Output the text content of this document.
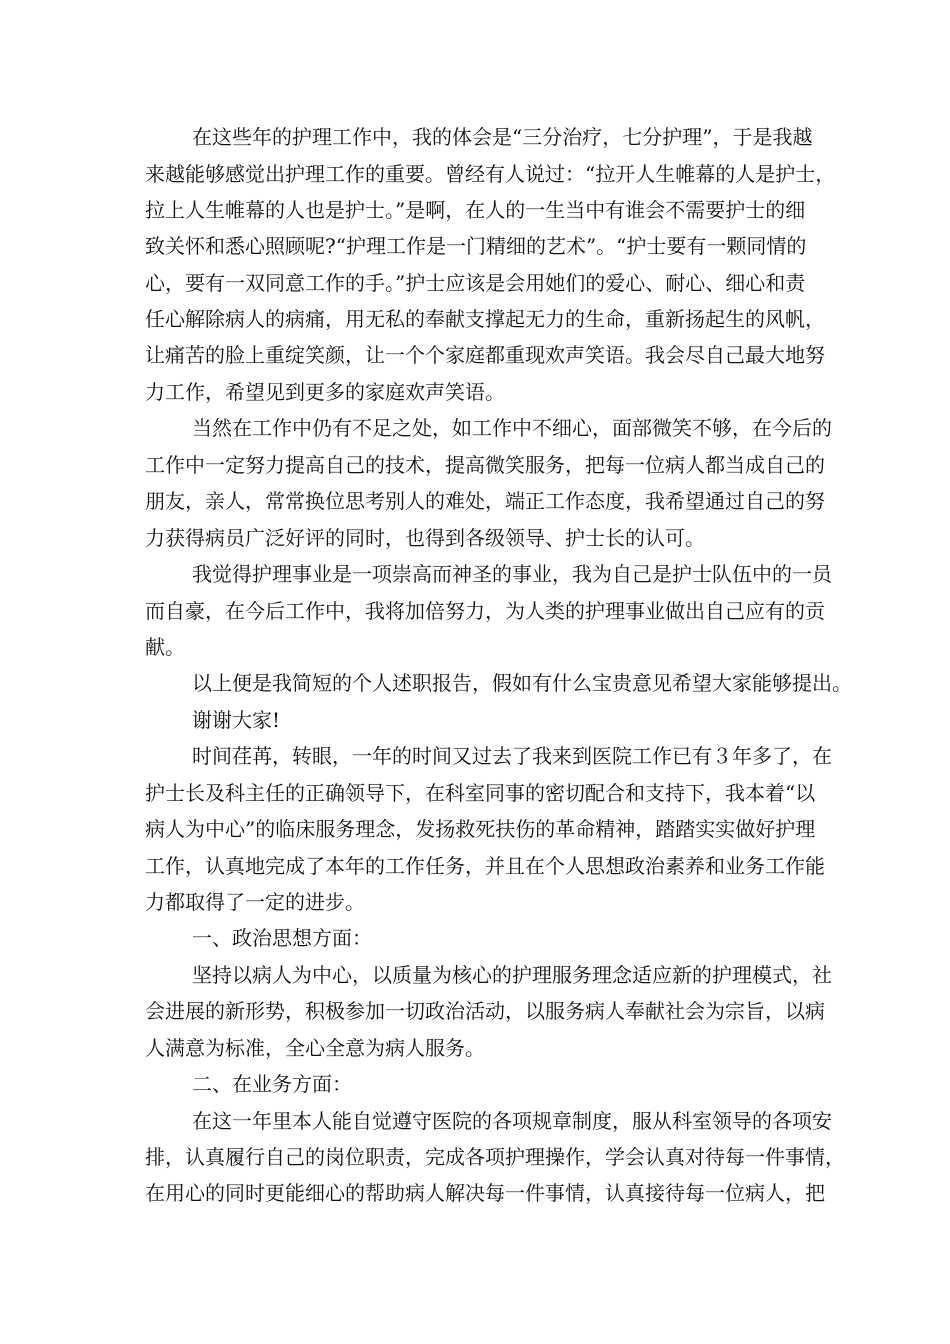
在这些年的护理工作中，我的体会是“三分治疗，七分护理”，于是我越
来越能够感觉出护理工作的重要。曾经有人说过：“拉开人生帷幕的人是护士，
拉上人生帷幕的人也是护士。”是啊，在人的一生当中有谁会不需要护士的细
致关怀和悉心照顾呢?“护理工作是一门精细的艺术”。“护士要有一颗同情的
心，要有一双同意工作的手。”护士应该是会用她们的爱心、耐心、细心和责
任心解除病人的病痛，用无私的奉献支撑起无力的生命，重新扬起生的风帆，
让痛苦的脸上重绽笑颜，让一个个家庭都重现欢声笑语。我会尽自己最大地努
力工作，希望见到更多的家庭欢声笑语。
当然在工作中仍有不足之处，如工作中不细心，面部微笑不够，在今后的
工作中一定努力提高自己的技术，提高微笑服务，把每一位病人都当成自己的
朋友，亲人，常常换位思考别人的难处，端正工作态度，我希望通过自己的努
力获得病员广泛好评的同时，也得到各级领导、护士长的认可。
我觉得护理事业是一项崇高而神圣的事业，我为自己是护士队伍中的一员
而自豪，在今后工作中，我将加倍努力，为人类的护理事业做出自己应有的贡
献。
以上便是我简短的个人述职报告，假如有什么宝贵意见希望大家能够提出。
谢谢大家!
时间荏苒，转眼，一年的时间又过去了我来到医院工作已有３年多了，在
护士长及科主任的正确领导下，在科室同事的密切配合和支持下，我本着“以
病人为中心”的临床服务理念，发扬救死扶伤的革命精神，踏踏实实做好护理
工作，认真地完成了本年的工作任务，并且在个人思想政治素养和业务工作能
力都取得了一定的进步。
一、政治思想方面：
坚持以病人为中心，以质量为核心的护理服务理念适应新的护理模式，社
会进展的新形势，积极参加一切政治活动，以服务病人奉献社会为宗旨，以病
人满意为标准，全心全意为病人服务。
二、在业务方面：
在这一年里本人能自觉遵守医院的各项规章制度，服从科室领导的各项安
排，认真履行自己的岗位职责，完成各项护理操作，学会认真对待每一件事情，
在用心的同时更能细心的帮助病人解决每一件事情，认真接待每一位病人，把
